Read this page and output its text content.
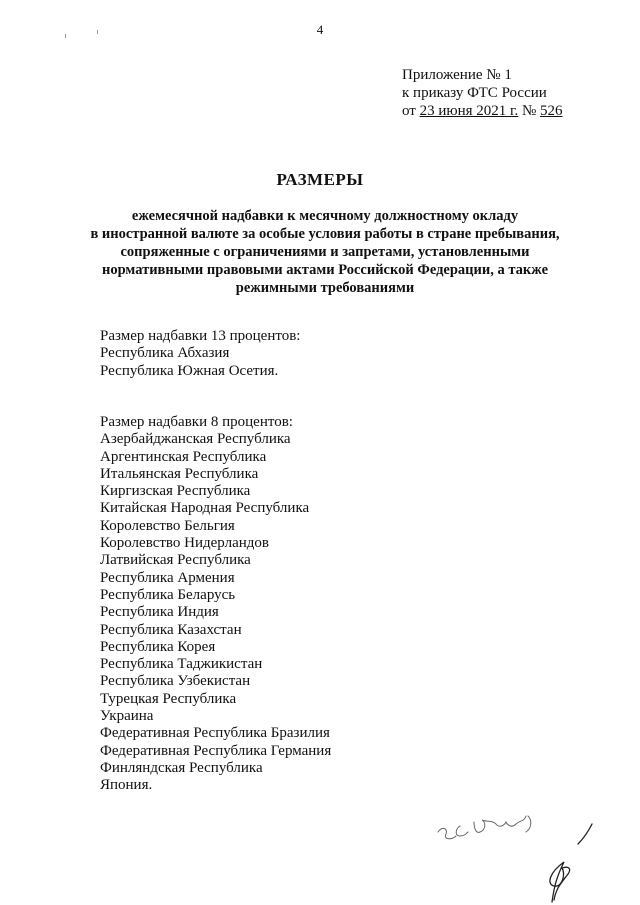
4
Приложение № 1
к приказу ФТС России
от 23 июня 2021 г. № 526
РАЗМЕРЫ
ежемесячной надбавки к месячному должностному окладу
в иностранной валюте за особые условия работы в стране пребывания,
сопряженные с ограничениями и запретами, установленными
нормативными правовыми актами Российской Федерации, а также
режимными требованиями
Размер надбавки 13 процентов:
Республика Абхазия
Республика Южная Осетия.
Размер надбавки 8 процентов:
Азербайджанская Республика
Аргентинская Республика
Итальянская Республика
Киргизская Республика
Китайская Народная Республика
Королевство Бельгия
Королевство Нидерландов
Латвийская Республика
Республика Армения
Республика Беларусь
Республика Индия
Республика Казахстан
Республика Корея
Республика Таджикистан
Республика Узбекистан
Турецкая Республика
Украина
Федеративная Республика Бразилия
Федеративная Республика Германия
Финляндская Республика
Япония.
